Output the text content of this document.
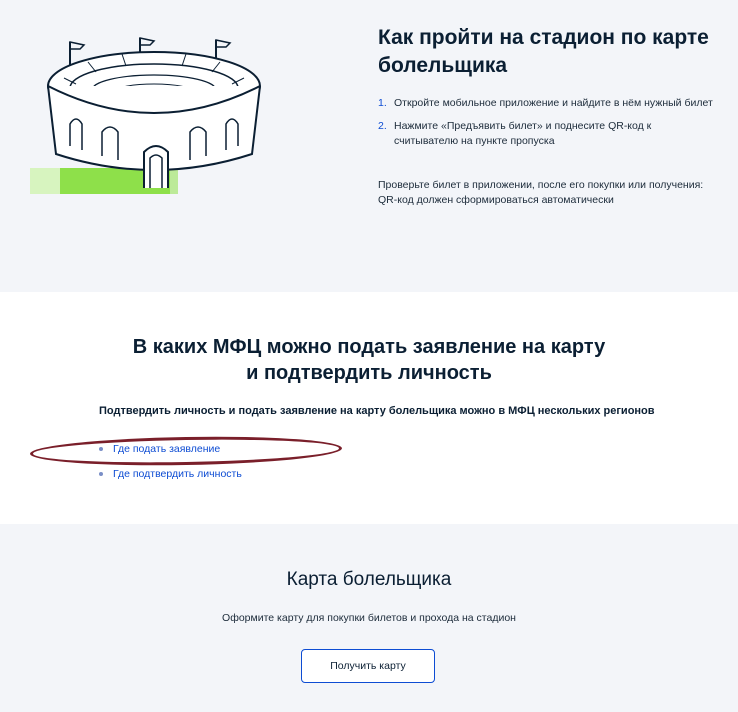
Как пройти на стадион по карте болельщика
1. Откройте мобильное приложение и найдите в нём нужный билет
2. Нажмите «Предъявить билет» и поднесите QR-код к считывателю на пункте пропуска

Проверьте билет в приложении, после его покупки или получения: QR-код должен сформироваться автоматически

В каких МФЦ можно подать заявление на карту
и подтвердить личность

Подтвердить личность и подать заявление на карту болельщика можно в МФЦ нескольких регионов

Где подать заявление
Где подтвердить личность
Карта болельщика

Оформите карту для покупки билетов и прохода на стадион

Получить карту
